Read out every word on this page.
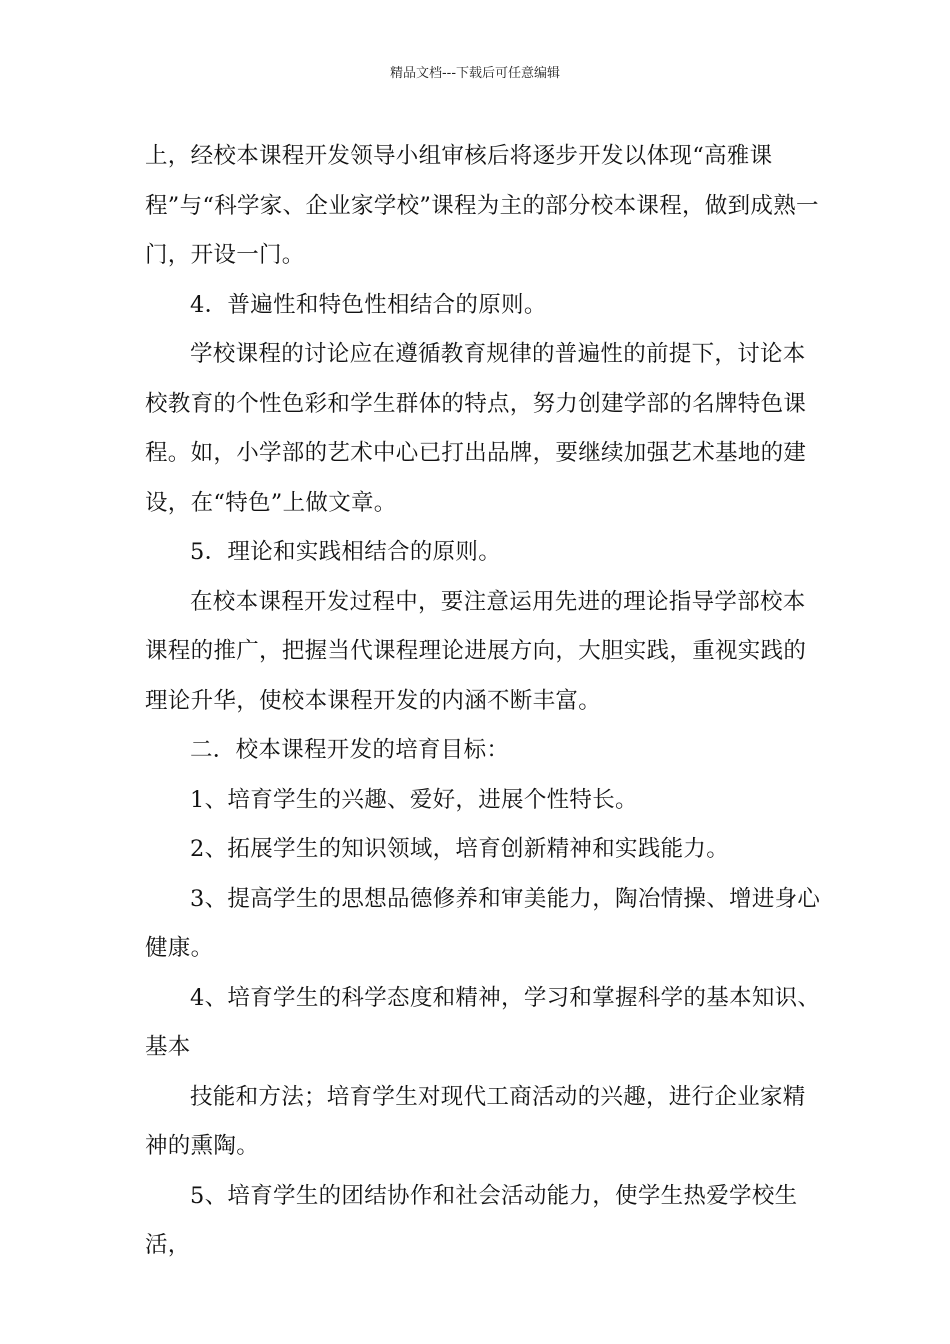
精品文档---下载后可任意编辑

上，经校本课程开发领导小组审核后将逐步开发以体现“高雅课程”与“科学家、企业家学校”课程为主的部分校本课程，做到成熟一门，开设一门。

4．普遍性和特色性相结合的原则。

学校课程的讨论应在遵循教育规律的普遍性的前提下，讨论本校教育的个性色彩和学生群体的特点，努力创建学部的名牌特色课程。如，小学部的艺术中心已打出品牌，要继续加强艺术基地的建设，在“特色”上做文章。

5．理论和实践相结合的原则。

在校本课程开发过程中，要注意运用先进的理论指导学部校本课程的推广，把握当代课程理论进展方向，大胆实践，重视实践的理论升华，使校本课程开发的内涵不断丰富。

二．校本课程开发的培育目标：

1、培育学生的兴趣、爱好，进展个性特长。

2、拓展学生的知识领域，培育创新精神和实践能力。

3、提高学生的思想品德修养和审美能力，陶冶情操、增进身心健康。

4、培育学生的科学态度和精神，学习和掌握科学的基本知识、基本

技能和方法；培育学生对现代工商活动的兴趣，进行企业家精神的熏陶。

5、培育学生的团结协作和社会活动能力，使学生热爱学校生活，
